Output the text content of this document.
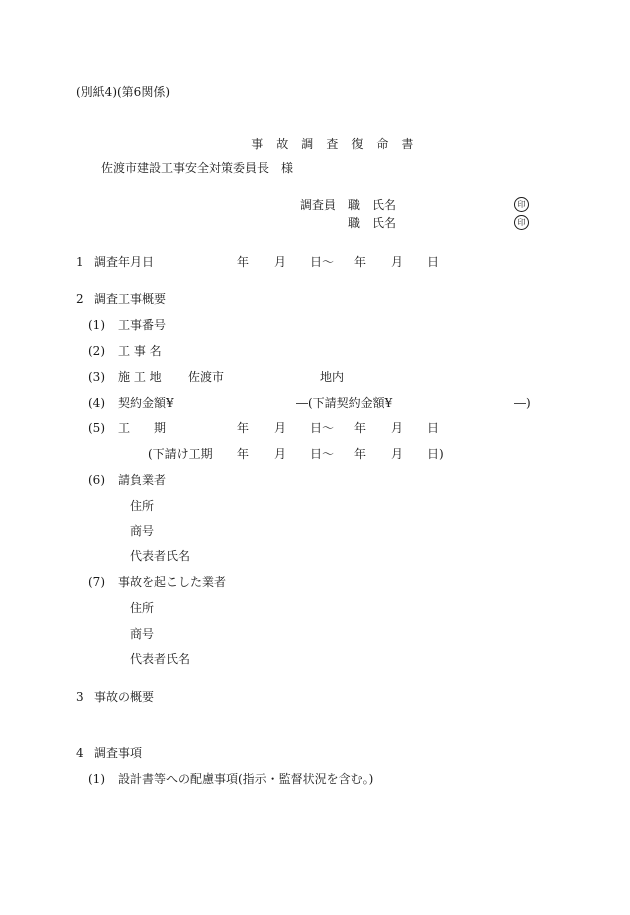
(別紙4)(第6関係)

事 故 調 査 復 命 書

佐渡市建設工事安全対策委員長　様
調査員 職　氏名	印
職　氏名	印
1 調査年月日	年 月 日〜 年 月 日
2 調査工事概要
(1) 工事番号
(2) 工 事 名
(3) 施 工 地 佐渡市	地内
(4) 契約金額¥	―(下請契約金額¥	―)
(5) 工　　期	年 月 日〜 年 月 日
(下請け工期 年 月 日〜 年 月 日)
(6) 請負業者
住所
商号
代表者氏名
(7) 事故を起こした業者
住所
商号
代表者氏名
3 事故の概要
4 調査事項
(1) 設計書等への配慮事項(指示・監督状況を含む。)
